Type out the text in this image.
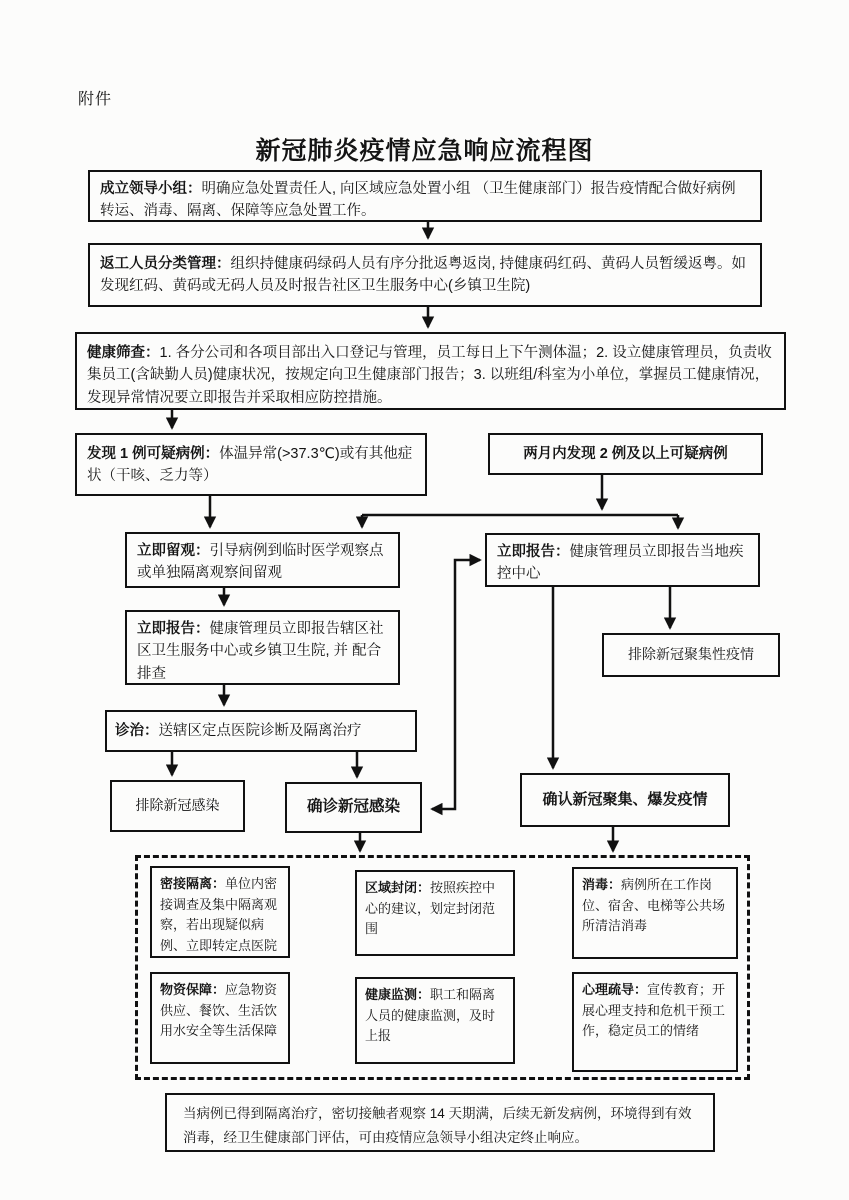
附件
新冠肺炎疫情应急响应流程图
成立领导小组：明确应急处置责任人, 向区域应急处置小组 （卫生健康部门）报告疫情配合做好病例转运、消毒、隔离、保障等应急处置工作。
返工人员分类管理：组织持健康码绿码人员有序分批返粤返岗, 持健康码红码、黄码人员暂缓返粤。如发现红码、黄码或无码人员及时报告社区卫生服务中心(乡镇卫生院)
健康筛查：1. 各分公司和各项目部出入口登记与管理，员工每日上下午测体温；2. 设立健康管理员，负责收集员工(含缺勤人员)健康状况，按规定向卫生健康部门报告；3. 以班组/科室为小单位，掌握员工健康情况，发现异常情况要立即报告并采取相应防控措施。
发现 1 例可疑病例：体温异常(>37.3℃)或有其他症状（干咳、乏力等）
两月内发现 2 例及以上可疑病例
立即留观：引导病例到临时医学观察点或单独隔离观察间留观
立即报告：健康管理员立即报告当地疾控中心
立即报告：健康管理员立即报告辖区社区卫生服务中心或乡镇卫生院, 并 配合排查
排除新冠聚集性疫情
诊治：送辖区定点医院诊断及隔离治疗
排除新冠感染	确诊新冠感染	确认新冠聚集、爆发疫情
密接隔离：单位内密接调查及集中隔离观察，若出现疑似病例、立即转定点医院
区域封闭：按照疾控中心的建议，划定封闭范围
消毒：病例所在工作岗位、宿舍、电梯等公共场所清洁消毒
物资保障：应急物资供应、餐饮、生活饮用水安全等生活保障
健康监测：职工和隔离人员的健康监测，及时上报
心理疏导：宣传教育；开展心理支持和危机干预工作，稳定员工的情绪
当病例已得到隔离治疗，密切接触者观察 14 天期满，后续无新发病例，环境得到有效消毒，经卫生健康部门评估，可由疫情应急领导小组决定终止响应。
